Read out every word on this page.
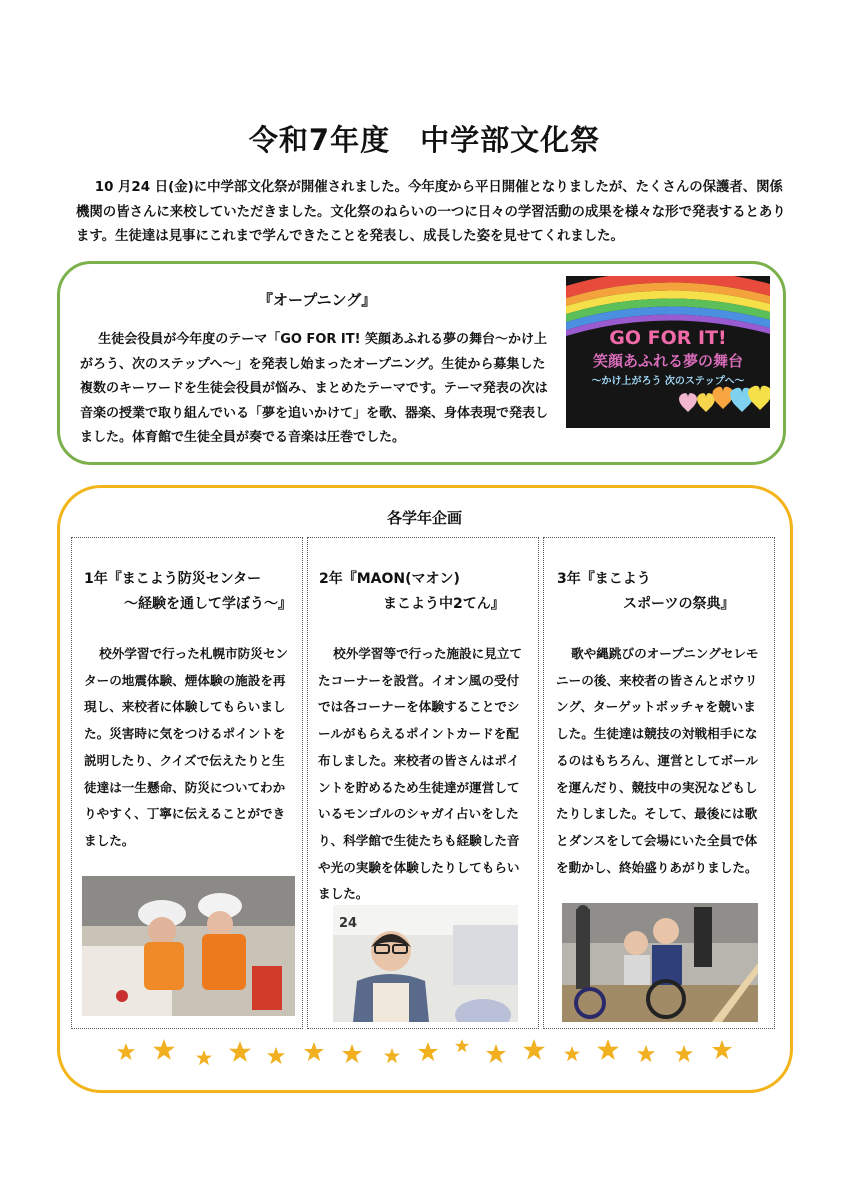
令和7年度　中学部文化祭

10 月24 日(金)に中学部文化祭が開催されました。今年度から平日開催となりましたが、たくさんの保護者、関係機関の皆さんに来校していただきました。文化祭のねらいの一つに日々の学習活動の成果を様々な形で発表するとあります。生徒達は見事にこれまで学んできたことを発表し、成長した姿を見せてくれました。

『オープニング』

生徒会役員が今年度のテーマ「GO FOR IT! 笑顔あふれる夢の舞台～かけ上がろう、次のステップへ～」を発表し始まったオープニング。生徒から募集した複数のキーワードを生徒会役員が悩み、まとめたテーマです。テーマ発表の次は音楽の授業で取り組んでいる「夢を追いかけて」を歌、器楽、身体表現で発表しました。体育館で生徒全員が奏でる音楽は圧巻でした。

GO FOR IT!
笑顔あふれる夢の舞台
～かけ上がろう 次のステップへ～
各学年企画
1年『まこよう防災センター
～経験を通して学ぼう～』

校外学習で行った札幌市防災センターの地震体験、煙体験の施設を再現し、来校者に体験してもらいました。災害時に気をつけるポイントを説明したり、クイズで伝えたりと生徒達は一生懸命、防災についてわかりやすく、丁寧に伝えることができました。

2年『MAON(マオン)
まこよう中2てん』

校外学習等で行った施設に見立てたコーナーを設営。イオン風の受付では各コーナーを体験することでシールがもらえるポイントカードを配布しました。来校者の皆さんはポイントを貯めるため生徒達が運営しているモンゴルのシャガイ占いをしたり、科学館で生徒たちも経験した音や光の実験を体験したりしてもらいました。

24
3年『まこよう
スポーツの祭典』

歌や縄跳びのオープニングセレモニーの後、来校者の皆さんとボウリング、ターゲットボッチャを競いました。生徒達は競技の対戦相手になるのはもちろん、運営としてボールを運んだり、競技中の実況などもしたりしました。そして、最後には歌とダンスをして会場にいた全員で体を動かし、終始盛りあがりました。
